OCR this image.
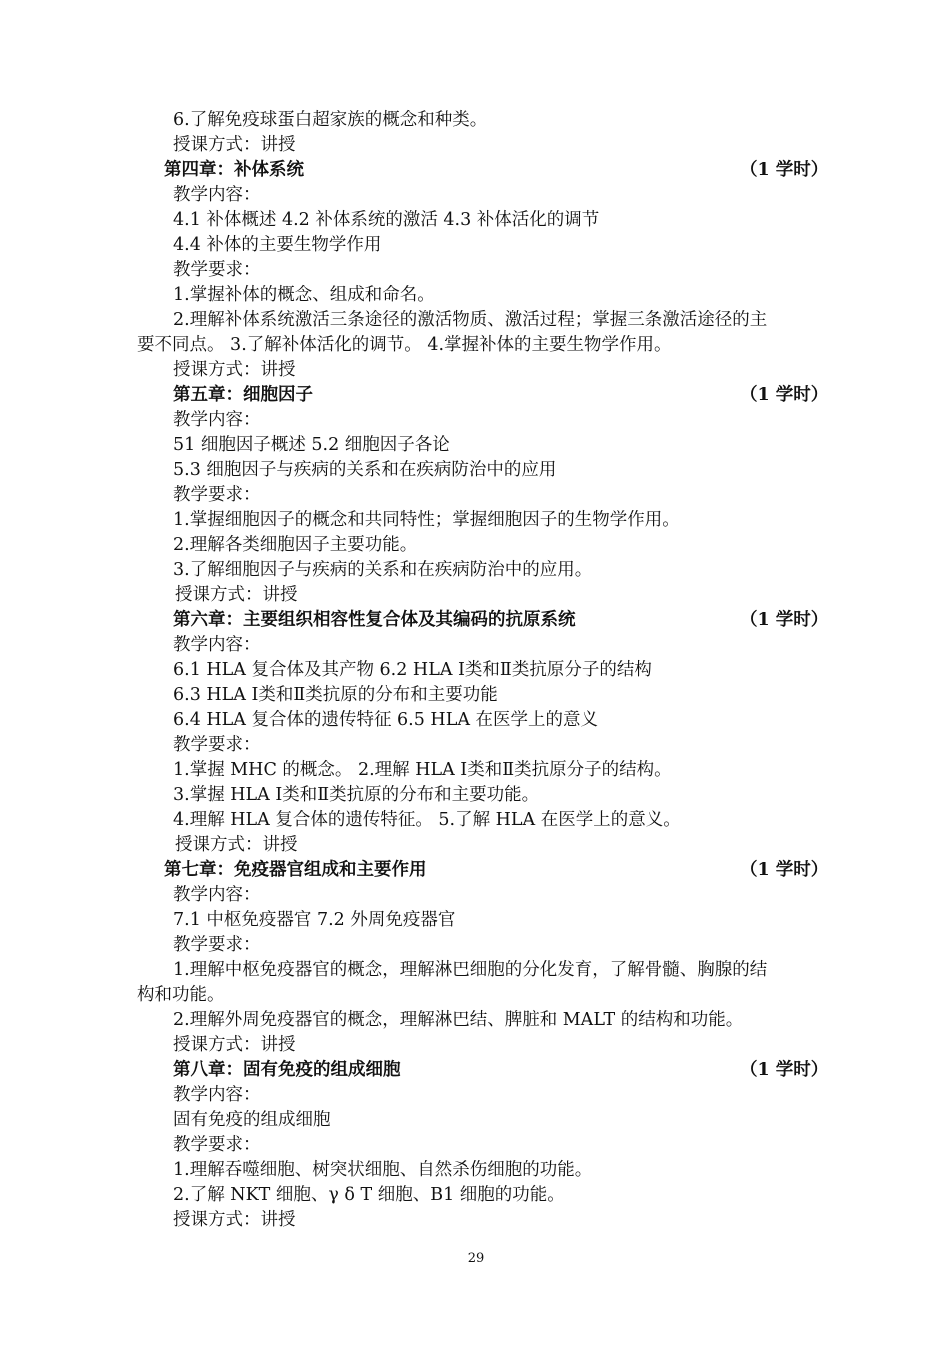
6.了解免疫球蛋白超家族的概念和种类。
授课方式：讲授
第四章：补体系统	（1 学时）
教学内容：
4.1 补体概述 4.2 补体系统的激活 4.3 补体活化的调节
4.4 补体的主要生物学作用
教学要求：
1.掌握补体的概念、组成和命名。
2.理解补体系统激活三条途径的激活物质、激活过程；掌握三条激活途径的主
要不同点。 3.了解补体活化的调节。 4.掌握补体的主要生物学作用。
授课方式：讲授
第五章：细胞因子	（1 学时）
教学内容：
51 细胞因子概述 5.2 细胞因子各论
5.3 细胞因子与疾病的关系和在疾病防治中的应用
教学要求：
1.掌握细胞因子的概念和共同特性；掌握细胞因子的生物学作用。
2.理解各类细胞因子主要功能。
3.了解细胞因子与疾病的关系和在疾病防治中的应用。
授课方式：讲授
第六章：主要组织相容性复合体及其编码的抗原系统	（1 学时）
教学内容：
6.1 HLA 复合体及其产物 6.2 HLA Ⅰ类和Ⅱ类抗原分子的结构
6.3 HLA Ⅰ类和Ⅱ类抗原的分布和主要功能
6.4 HLA 复合体的遗传特征 6.5 HLA 在医学上的意义
教学要求：
1.掌握 MHC 的概念。 2.理解 HLA Ⅰ类和Ⅱ类抗原分子的结构。
3.掌握 HLA Ⅰ类和Ⅱ类抗原的分布和主要功能。
4.理解 HLA 复合体的遗传特征。 5.了解 HLA 在医学上的意义。
授课方式：讲授
第七章：免疫器官组成和主要作用	（1 学时）
教学内容：
7.1 中枢免疫器官 7.2 外周免疫器官
教学要求：
1.理解中枢免疫器官的概念，理解淋巴细胞的分化发育，了解骨髓、胸腺的结
构和功能。
2.理解外周免疫器官的概念，理解淋巴结、脾脏和 MALT 的结构和功能。
授课方式：讲授
第八章：固有免疫的组成细胞	（1 学时）
教学内容：
固有免疫的组成细胞
教学要求：
1.理解吞噬细胞、树突状细胞、自然杀伤细胞的功能。
2.了解 NKT 细胞、γ δ T 细胞、B1 细胞的功能。
授课方式：讲授
29
